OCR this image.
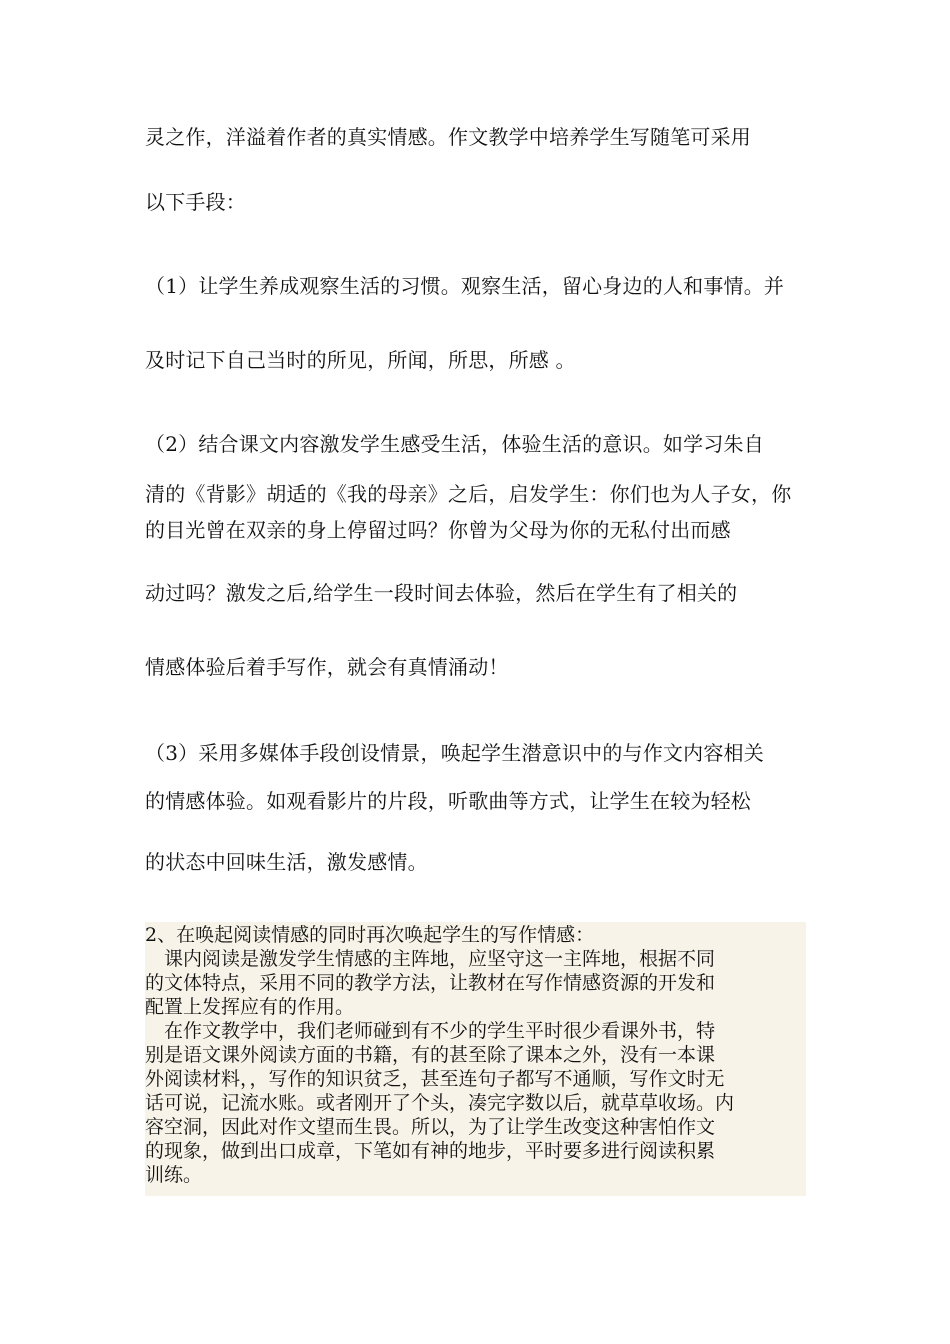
灵之作，洋溢着作者的真实情感。作文教学中培养学生写随笔可采用
以下手段：
（1）让学生养成观察生活的习惯。观察生活，留心身边的人和事情。并
及时记下自己当时的所见，所闻，所思，所感 。
（2）结合课文内容激发学生感受生活，体验生活的意识。如学习朱自
清的《背影》胡适的《我的母亲》之后，启发学生：你们也为人子女，你
的目光曾在双亲的身上停留过吗？你曾为父母为你的无私付出而感
动过吗？激发之后,给学生一段时间去体验，然后在学生有了相关的
情感体验后着手写作，就会有真情涌动！
（3）采用多媒体手段创设情景，唤起学生潜意识中的与作文内容相关
的情感体验。如观看影片的片段，听歌曲等方式，让学生在较为轻松
的状态中回味生活，激发感情。
2、在唤起阅读情感的同时再次唤起学生的写作情感：
　课内阅读是激发学生情感的主阵地，应坚守这一主阵地，根据不同
的文体特点，采用不同的教学方法，让教材在写作情感资源的开发和
配置上发挥应有的作用。
　在作文教学中，我们老师碰到有不少的学生平时很少看课外书，特
别是语文课外阅读方面的书籍，有的甚至除了课本之外，没有一本课
外阅读材料，，写作的知识贫乏，甚至连句子都写不通顺，写作文时无
话可说，记流水账。或者刚开了个头，凑完字数以后，就草草收场。内
容空洞，因此对作文望而生畏。所以，为了让学生改变这种害怕作文
的现象，做到出口成章，下笔如有神的地步，平时要多进行阅读积累
训练。
